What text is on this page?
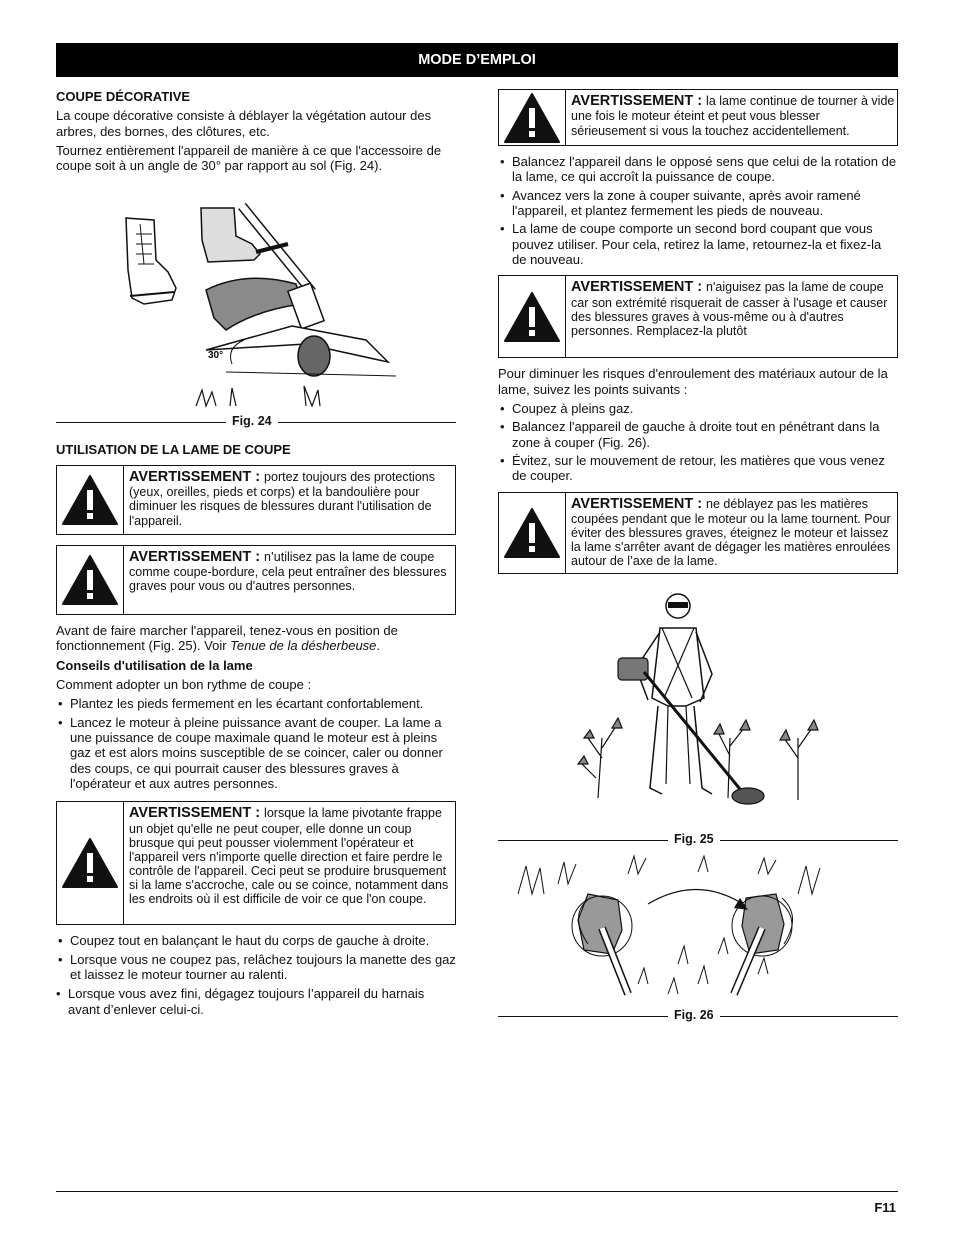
MODE D’EMPLOI
COUPE DÉCORATIVE

La coupe décorative consiste à déblayer la végétation autour des arbres, des bornes, des clôtures, etc.

Tournez entièrement l'appareil de manière à ce que l'accessoire de coupe soit à un angle de 30° par rapport au sol (Fig. 24).

30°
Fig. 24
UTILISATION DE LA LAME DE COUPE
AVERTISSEMENT : portez toujours des protections (yeux, oreilles, pieds et corps) et la bandoulière pour diminuer les risques de blessures durant l'utilisation de l'appareil.
AVERTISSEMENT : n’utilisez pas la lame de coupe comme coupe-bordure, cela peut entraîner des blessures graves pour vous ou d'autres personnes.

Avant de faire marcher l'appareil, tenez-vous en position de fonctionnement (Fig. 25). Voir Tenue de la désherbeuse.

Conseils d'utilisation de la lame

Comment adopter un bon rythme de coupe :

• Plantez les pieds fermement en les écartant confortablement.
• Lancez le moteur à pleine puissance avant de couper. La lame a une puissance de coupe maximale quand le moteur est à pleins gaz et est alors moins susceptible de se coincer, caler ou donner des coups, ce qui pourrait causer des blessures graves à l'opérateur et aux autres personnes.
AVERTISSEMENT : lorsque la lame pivotante frappe un objet qu'elle ne peut couper, elle donne un coup brusque qui peut pousser violemment l'opérateur et l'appareil vers n'importe quelle direction et faire perdre le contrôle de l'appareil. Ceci peut se produire brusquement si la lame s'accroche, cale ou se coince, notamment dans les endroits où il est difficile de voir ce que l'on coupe.
• Coupez tout en balançant le haut du corps de gauche à droite.
• Lorsque vous ne coupez pas, relâchez toujours la manette des gaz et laissez le moteur tourner au ralenti.
• Lorsque vous avez fini, dégagez toujours l’appareil du harnais avant d’enlever celui-ci.
AVERTISSEMENT : la lame continue de tourner à vide une fois le moteur éteint et peut vous blesser sérieusement si vous la touchez accidentellement.
• Balancez l'appareil dans le opposé sens que celui de la rotation de la lame, ce qui accroît la puissance de coupe.
• Avancez vers la zone à couper suivante, après avoir ramené l'appareil, et plantez fermement les pieds de nouveau.
• La lame de coupe comporte un second bord coupant que vous pouvez utiliser. Pour cela, retirez la lame, retournez-la et fixez-la de nouveau.
AVERTISSEMENT : n'aiguisez pas la lame de coupe car son extrémité risquerait de casser à l'usage et causer des blessures graves à vous-même ou à d'autres personnes. Remplacez-la plutôt

Pour diminuer les risques d'enroulement des matériaux autour de la lame, suivez les points suivants :

• Coupez à pleins gaz.
• Balancez l'appareil de gauche à droite tout en pénétrant dans la zone à couper (Fig. 26).
• Évitez, sur le mouvement de retour, les matières que vous venez de couper.
AVERTISSEMENT : ne déblayez pas les matières coupées pendant que le moteur ou la lame tournent. Pour éviter des blessures graves, éteignez le moteur et laissez la lame s'arrêter avant de dégager les matières enroulées autour de l’axe de la lame.
Fig. 25
Fig. 26
F11
